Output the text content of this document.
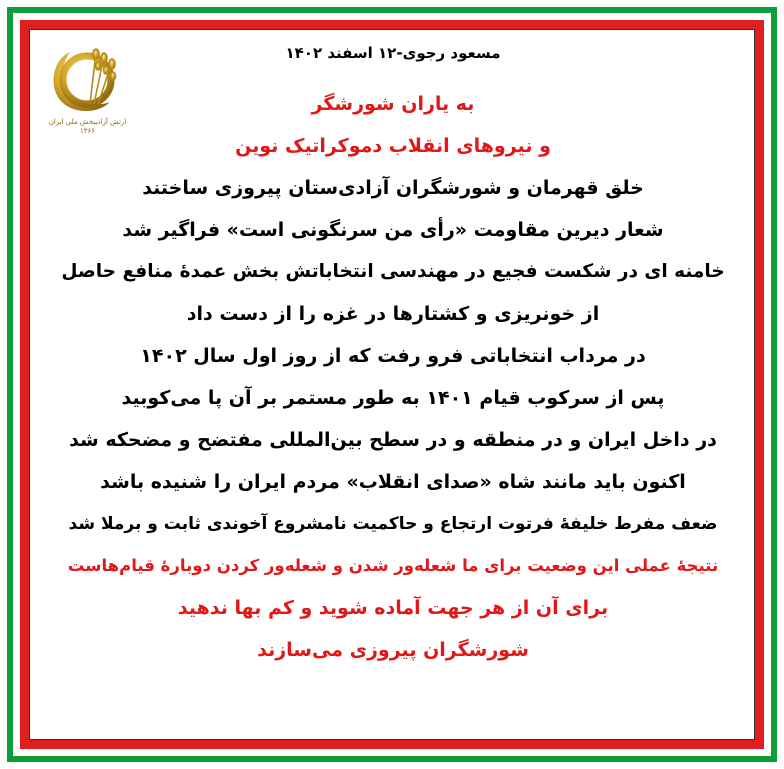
ارتش آزادیبخش ملی ایران
۱۳۶۶
مسعود رجوی-۱۲ اسفند ۱۴۰۲
به یاران شورشگر
و نیروهای انقلاب دموکراتیک نوین
خلق قهرمان و شورشگران آزادی‌ستان پیروزی ساختند
شعار دیرین مقاومت «رأی من سرنگونی است» فراگیر شد
خامنه ای در شکست فجیع در مهندسی انتخاباتش بخش عمدهٔ منافع حاصل
از خونریزی و کشتارها در غزه را از دست داد
در مرداب انتخاباتی فرو رفت که از روز اول سال ۱۴۰۲
پس از سرکوب قیام ۱۴۰۱ به طور مستمر بر آن پا می‌کوبید
در داخل ایران و در منطقه و در سطح بین‌المللی مفتضح و مضحکه شد
اکنون باید مانند شاه «صدای انقلاب» مردم ایران را شنیده باشد
ضعف مفرط خلیفهٔ فرتوت ارتجاع و حاکمیت نامشروع آخوندی ثابت و برملا شد
نتیجهٔ عملی این وضعیت برای ما شعله‌ور شدن و شعله‌ور کردن دوبارهٔ قیام‌هاست
برای آن از هر جهت آماده شوید و کم بها ندهید
شورشگران پیروزی می‌سازند
